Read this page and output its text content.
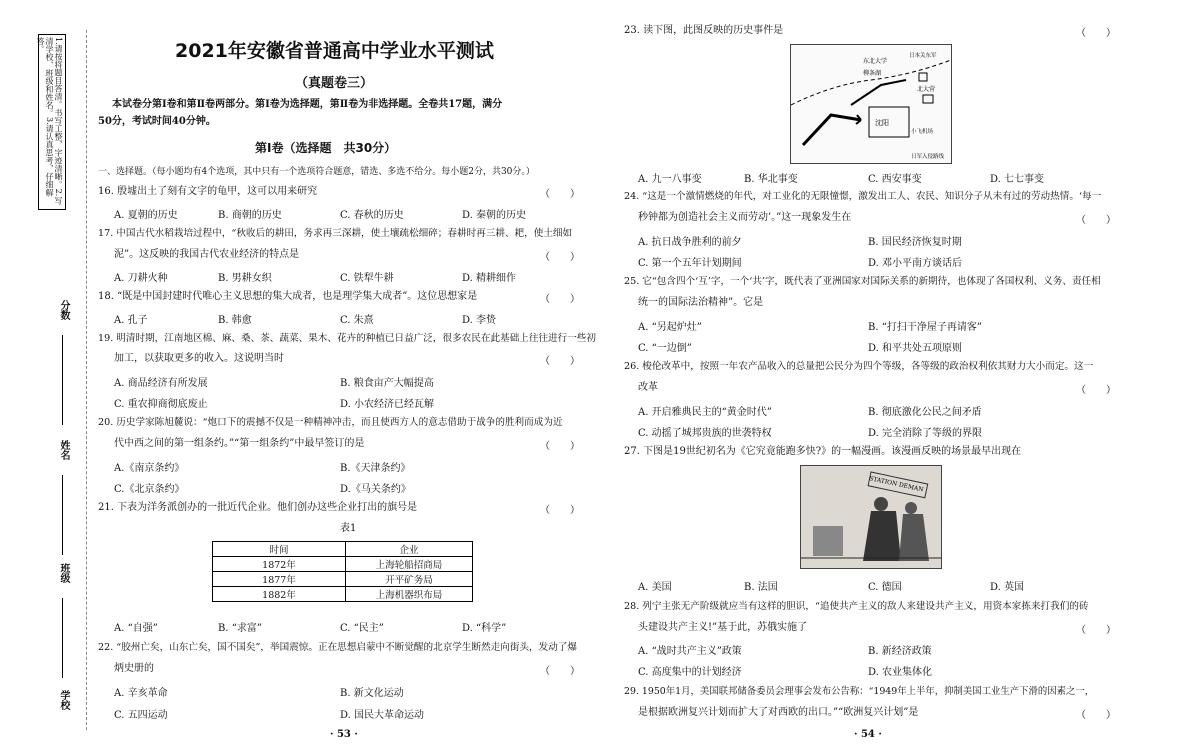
1.请按将题目答清。书写工整，字迹清晰。2.写清学校、班级和姓名。3.请认真思考，仔细解答。
分数
姓名
班级
学校
2021年安徽省普通高中学业水平测试
（真题卷三）
本试卷分第Ⅰ卷和第Ⅱ卷两部分。第Ⅰ卷为选择题，第Ⅱ卷为非选择题。全卷共17题，满分
50分，考试时间40分钟。
第Ⅰ卷（选择题　共30分）
一、选择题。（每小题均有4个选项，其中只有一个选项符合题意，错选、多选不给分。每小题2分，共30分。）
16. 殷墟出土了刻有文字的龟甲，这可以用来研究	（　　）
A. 夏朝的历史	B. 商朝的历史	C. 春秋的历史	D. 秦朝的历史
17. 中国古代水稻栽培过程中，“秋收后的耕田，务求再三深耕，使土壤疏松细碎；春耕时再三耕、耙，使土细如
泥”。这反映的我国古代农业经济的特点是	（　　）
A. 刀耕火种	B. 男耕女织	C. 铁犁牛耕	D. 精耕细作
18. “既是中国封建时代唯心主义思想的集大成者，也是理学集大成者”。这位思想家是	（　　）
A. 孔子	B. 韩愈	C. 朱熹	D. 李贽
19. 明清时期，江南地区棉、麻、桑、茶、蔬菜、果木、花卉的种植已日益广泛，很多农民在此基础上往往进行一些初
加工，以获取更多的收入。这说明当时	（　　）
A. 商品经济有所发展	B. 粮食亩产大幅提高
C. 重农抑商彻底废止	D. 小农经济已经瓦解
20. 历史学家陈旭麓说：“炮口下的震撼不仅是一种精神冲击，而且使西方人的意志借助于战争的胜利而成为近
代中西之间的第一组条约。”“第一组条约”中最早签订的是	（　　）
A.《南京条约》	B.《天津条约》
C.《北京条约》	D.《马关条约》
21. 下表为洋务派创办的一批近代企业。他们创办这些企业打出的旗号是	（　　）
表1
时间	企业
1872年	上海轮船招商局
1877年	开平矿务局
1882年	上海机器织布局
A. “自强”	B. “求富”	C. “民主”	D. “科学”
22. “胶州亡矣，山东亡矣，国不国矣”，举国震惊。正在思想启蒙中不断觉醒的北京学生断然走向街头，发动了爆
炳史册的	（　　）
A. 辛亥革命	B. 新文化运动
C. 五四运动	D. 国民大革命运动
· 53 ·
23. 读下图，此图反映的历史事件是	（　　）
东北大学
柳条湖
北大营
日本关东军
沈阳
小飞机场
日军入侵路线
A. 九一八事变	B. 华北事变	C. 西安事变	D. 七七事变
24. “这是一个激情燃烧的年代，对工业化的无限憧憬，激发出工人、农民、知识分子从未有过的劳动热情。‘每一
秒钟都为创造社会主义而劳动’。”这一现象发生在	（　　）
A. 抗日战争胜利的前夕	B. 国民经济恢复时期
C. 第一个五年计划期间	D. 邓小平南方谈话后
25. 它“包含四个‘互’字，一个‘共’字，既代表了亚洲国家对国际关系的新期待，也体现了各国权利、义务、责任相
统一的国际法治精神”。它是
A. “另起炉灶”	B. “打扫干净屋子再请客”
C. “一边倒”	D. 和平共处五项原则
26. 梭伦改革中，按照一年农产品收入的总量把公民分为四个等级，各等级的政治权利依其财力大小而定。这一
改革	（　　）
A. 开启雅典民主的“黄金时代”	B. 彻底激化公民之间矛盾
C. 动摇了城邦贵族的世袭特权	D. 完全消除了等级的界限
27. 下图是19世纪初名为《它究竟能跑多快?》的一幅漫画。该漫画反映的场景最早出现在
STATION DEMAN
A. 美国	B. 法国	C. 德国	D. 英国
28. 列宁主张无产阶级就应当有这样的胆识，“追使共产主义的敌人来建设共产主义，用资本家拣来打我们的砖
头建设共产主义!”基于此，苏俄实施了	（　　）
A. “战时共产主义”政策	B. 新经济政策
C. 高度集中的计划经济	D. 农业集体化
29. 1950年1月，美国联邦储备委员会理事会发布公告称：“1949年上半年，抑制美国工业生产下滑的因素之一，
是根据欧洲复兴计划而扩大了对西欧的出口。”“欧洲复兴计划”是	（　　）
· 54 ·
